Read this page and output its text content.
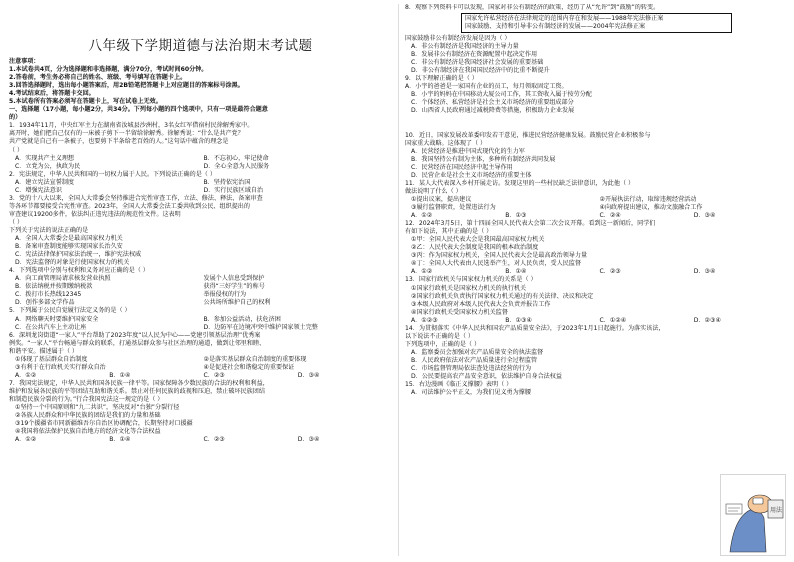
八年级下学期道德与法治期末考试题
注意事项：
1.本试卷共4页，分为选择题和非选择题，满分70分，考试时间60分钟。
2.答卷前，考生务必将自己的姓名、班级、考号填写在答题卡上。
3.回答选择题时，选出每小题答案后，用2B铅笔把答题卡上对应题目的答案标号涂黑。
4.考试结束后，将答题卡交回。
5.本试卷所有答案必须写在答题卡上，写在试卷上无效。
一、选择题（17小题，每小题2分，共34分。下列每小题的四个选项中，只有一项是最符合题意
的）
1．1934年11月，中央红军主力在湖南省汝城县沙洲村，3名女红军借宿村民徐解秀家中。
离开时，她们把自己仅有的一床被子剪下一半留给徐解秀。徐解秀说：“什么是共产党？
共产党就是自己有一条被子，也要剪下半条给老百姓的人。”这句话中蕴含的理念是
（ ）
A．实现共产主义理想	B．不忘初心，牢记使命
C．立党为公，执政为民	D．全心全意为人民服务
2．宪法规定，中华人民共和国的一切权力属于人民。下列说法正确的是（ ）
A．建立宪法宣誓制度	B．坚持依宪治国
C．增强宪法意识	D．实行民族区域自治
3．党的十八大以来，全国人大常委会坚持推进合宪性审查工作，立法、修法、释法、备案审查
等各环节都要接受合宪性审查。2023年，全国人大常委会法工委共收到公民、组织提出的
审查建议19200多件，依法纠正违宪违法的规范性文件。这表明
（ ）
下列关于宪法的说法正确的是
A．全国人大常委会是最高国家权力机关
B．备案审查制度能够实现国家长治久安
C．宪法法律保护国家法治统一，维护宪法权威
D．宪法监督的对象是行使国家权力的机关
4．下列选项中分别与权利和义务对应正确的是（ ）
A．向工商管理局请求核发营业执照	发展个人信息受到保护
B．依法纳税并按期缴纳税款	获得“三好学生”的称号
C．拨打市长热线12345	举报侵权的行为
D．创作多部文学作品	公共场所维护自己的权利
5．下列属于公民自觉履行法定义务的是（ ）
A．网络聊天时要维护国家安全	B．参加公益活动，扶危济困
C．在公共汽车上主动让座	D．边防军在边境冲突中维护国家领土完整
6．深圳龙岗街道“一家人”平台帮助了2023年度“以人民为中心——党建引领基层治理”优秀案
例奖。“一家人”平台畅通与群众的联系，打通基层群众参与社区治理的通道，做到让邻里和睦、
和谐平安。描述属于（ ）
①体现了基层群众自治制度	②是落实基层群众自治制度的重要体现
③有利于在行政机关实行群众自治	④是促进社会和谐稳定的重要保证
A．①②	B．①④	C．②③	D．③④
7．我国宪法规定，中华人民共和国各民族一律平等。国家保障各少数民族的合法的权利和利益，
维护和发展各民族的平等团结互助和谐关系。禁止对任何民族的歧视和压迫，禁止破坏民族团结
和制造民族分裂的行为。”行合我国宪法这一规定的是（ ）
①坚持一个中国原则和“九二共识”，坚决反对“台独”分裂行径
②各族人民群众和中华民族的团结是我们的力量和基础
③19个援疆省市同新疆维吾尔自治区协调配合，长期坚持对口援疆
④我国将依法保护民族自治地方的经济文化等合法权益
A．①②	B．①④	C．②③	D．③④
8．观察下列资料卡可以发现，国家对非公有制经济的政策，经历了从“允许”到“鼓励”的转变。
国家允许私营经济在法律规定的范围内存在和发展——1988年宪法修正案
国家鼓励、支持和引导非公有制经济的发展——2004年宪法修正案
国家鼓励非公有制经济发展是因为（ ）
A．非公有制经济是我国经济的主导力量
B．发展非公有制经济在资源配置中起决定作用
C．非公有制经济是我国经济社会发展的重要基础
D．非公有制经济在我国国民经济中的比重不断提升
9．以下理解正确的是（ ）
A．小宇的爸爸是一家国有企业的员工，每月领取固定工资。
B．小宇的妈妈在中国移动大厦公司工作，其工资收入属于按劳分配
C．个体经济、私营经济是社会主义市场经济的重要组成部分
D．山西省人民政府通过减税降费等措施，积极助力企业发展
10．近日，国家发展改革委印发若干意见，推进民营经济健康发展。鼓励民营企业积极参与
国家重大战略。这体现了（ ）
A．民营经济是推进中国式现代化的生力军
B．我国坚持公有制为主体，多种所有制经济共同发展
C．民营经济在国民经济中起主导作用
D．民营企业是社会主义市场经济的重要主体
11．某人大代表深入乡村开展走访。发现这里的一些村民缺乏法律意识，为此他（ ）
做法说明了什么（ ）
①提出议案，提出建议	②开展执法行动，取缔违规经营活动
③履行监督职责，处置违法行为	④向政府提出建议，推动文旅融合工作
A．①②	B．①③	C．②④	D．③④
12．2024年3月5日，第十四届全国人民代表大会第二次会议开幕。看到这一新闻后，同学们
有如下说法，其中正确的是（ ）
①甲：全国人民代表大会是我国最高国家权力机关
②乙：人民代表大会制度是我国的根本政治制度
③丙：作为国家权力机关，全国人民代表大会是最高政治领导力量
④丁：全国人大代表由人民选举产生，对人民负责，受人民监督
A．①②	B．①④	C．②③	D．③④
13．国家行政机关与国家权力机关的关系是（ ）
①国家行政机关是国家权力机关的执行机关
②国家行政机关负责执行国家权力机关通过的有关法律、决议和决定
③本级人民政府对本级人民代表大会负责并报告工作
④国家行政机关受国家权力机关监督
A．①②③	B．①③④	C．①②④	D．②③④
14．为贯彻落实《中华人民共和国农产品质量安全法》，于2023年1月1日起施行。为落实该法，
以下说法不正确的是（ ）
下列选项中，正确的是（ ）
A．监察委员会加强对农产品质量安全的执法监督
B．人民政府依法对农产品质量进行全过程监管
C．市场监督管理局依法查处违法经营的行为
D．公民要提高农产品安全意识，依法维护自身合法权益
15．右边漫画《临正义撑腰》表明（ ）
A．司法维护公平正义，为我们见义勇为撑腰
用法
